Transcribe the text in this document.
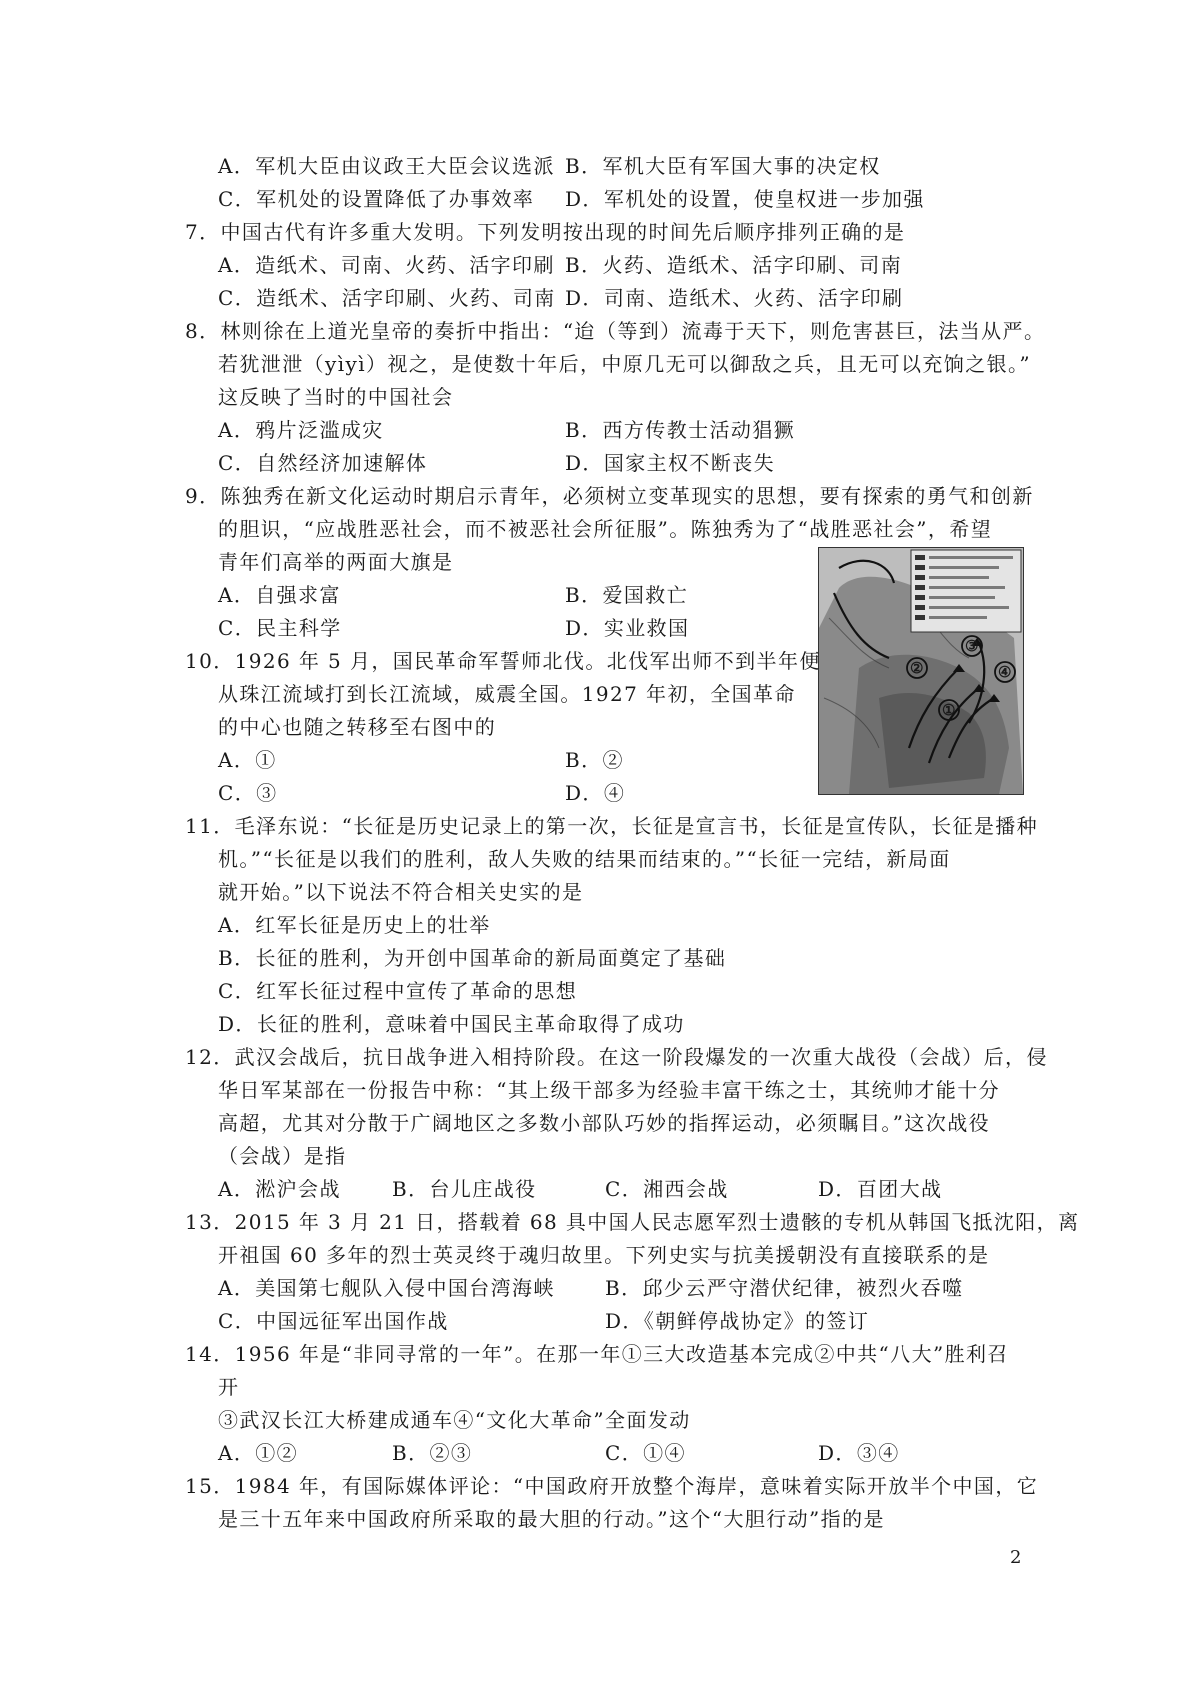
A．军机大臣由议政王大臣会议选派 B．军机大臣有军国大事的决定权
C．军机处的设置降低了办事效率 D．军机处的设置，使皇权进一步加强
7．中国古代有许多重大发明。下列发明按出现的时间先后顺序排列正确的是
A．造纸术、司南、火药、活字印刷 B．火药、造纸术、活字印刷、司南
C．造纸术、活字印刷、火药、司南 D．司南、造纸术、火药、活字印刷
8．林则徐在上道光皇帝的奏折中指出：“迨（等到）流毒于天下，则危害甚巨，法当从严。
若犹泄泄（yìyì）视之，是使数十年后，中原几无可以御敌之兵，且无可以充饷之银。”
这反映了当时的中国社会
A．鸦片泛滥成灾	B．西方传教士活动猖獗
C．自然经济加速解体	D．国家主权不断丧失
9．陈独秀在新文化运动时期启示青年，必须树立变革现实的思想，要有探索的勇气和创新
的胆识，“应战胜恶社会，而不被恶社会所征服”。陈独秀为了“战胜恶社会”，希望
青年们高举的两面大旗是
A．自强求富	B．爱国救亡
C．民主科学	D．实业救国
②
③
④
①
10．1926 年 5 月，国民革命军誓师北伐。北伐军出师不到半年便
从珠江流域打到长江流域，威震全国。1927 年初，全国革命
的中心也随之转移至右图中的
A．①	B．②
C．③	D．④
11．毛泽东说：“长征是历史记录上的第一次，长征是宣言书，长征是宣传队，长征是播种
机。”“长征是以我们的胜利，敌人失败的结果而结束的。”“长征一完结，新局面
就开始。”以下说法不符合相关史实的是
A．红军长征是历史上的壮举
B．长征的胜利，为开创中国革命的新局面奠定了基础
C．红军长征过程中宣传了革命的思想
D．长征的胜利，意味着中国民主革命取得了成功
12．武汉会战后，抗日战争进入相持阶段。在这一阶段爆发的一次重大战役（会战）后，侵
华日军某部在一份报告中称：“其上级干部多为经验丰富干练之士，其统帅才能十分
高超，尤其对分散于广阔地区之多数小部队巧妙的指挥运动，必须瞩目。”这次战役
（会战）是指
A．淞沪会战	B．台儿庄战役	C．湘西会战	D．百团大战
13．2015 年 3 月 21 日，搭载着 68 具中国人民志愿军烈士遗骸的专机从韩国飞抵沈阳，离
开祖国 60 多年的烈士英灵终于魂归故里。下列史实与抗美援朝没有直接联系的是
A．美国第七舰队入侵中国台湾海峡	B．邱少云严守潜伏纪律，被烈火吞噬
C．中国远征军出国作战	D．《朝鲜停战协定》的签订
14．1956 年是“非同寻常的一年”。在那一年①三大改造基本完成②中共“八大”胜利召
开
③武汉长江大桥建成通车④“文化大革命”全面发动
A．①②	B．②③	C．①④	D．③④
15．1984 年，有国际媒体评论：“中国政府开放整个海岸，意味着实际开放半个中国，它
是三十五年来中国政府所采取的最大胆的行动。”这个“大胆行动”指的是
2
